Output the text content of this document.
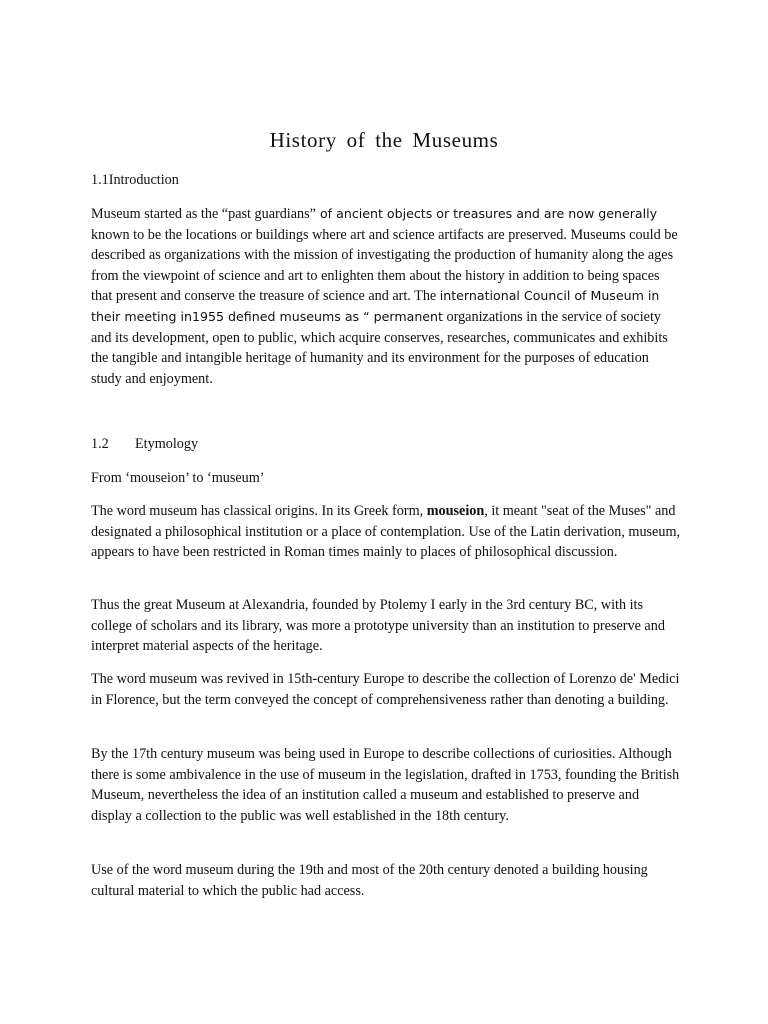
History of the Museums
1.1Introduction

Museum started as the “past guardians” of ancient objects or treasures and are now generally known to be the locations or buildings where art and science artifacts are preserved. Museums could be described as organizations with the mission of investigating the production of humanity along the ages from the viewpoint of science and art to enlighten them about the history in addition to being spaces that present and conserve the treasure of science and art. The international Council of Museum in their meeting in1955 defined museums as “ permanent organizations in the service of society and its development, open to public, which acquire conserves, researches, communicates and exhibits the tangible and intangible heritage of humanity and its environment for the purposes of education study and enjoyment.

1.2 Etymology
From ‘mouseion’ to ‘museum’

The word museum has classical origins. In its Greek form, mouseion, it meant "seat of the Muses" and designated a philosophical institution or a place of contemplation. Use of the Latin derivation, museum, appears to have been restricted in Roman times mainly to places of philosophical discussion.

Thus the great Museum at Alexandria, founded by Ptolemy I early in the 3rd century BC, with its college of scholars and its library, was more a prototype university than an institution to preserve and interpret material aspects of the heritage.

The word museum was revived in 15th-century Europe to describe the collection of Lorenzo de' Medici in Florence, but the term conveyed the concept of comprehensiveness rather than denoting a building.

By the 17th century museum was being used in Europe to describe collections of curiosities. Although there is some ambivalence in the use of museum in the legislation, drafted in 1753, founding the British Museum, nevertheless the idea of an institution called a museum and established to preserve and display a collection to the public was well established in the 18th century.

Use of the word museum during the 19th and most of the 20th century denoted a building housing cultural material to which the public had access.
